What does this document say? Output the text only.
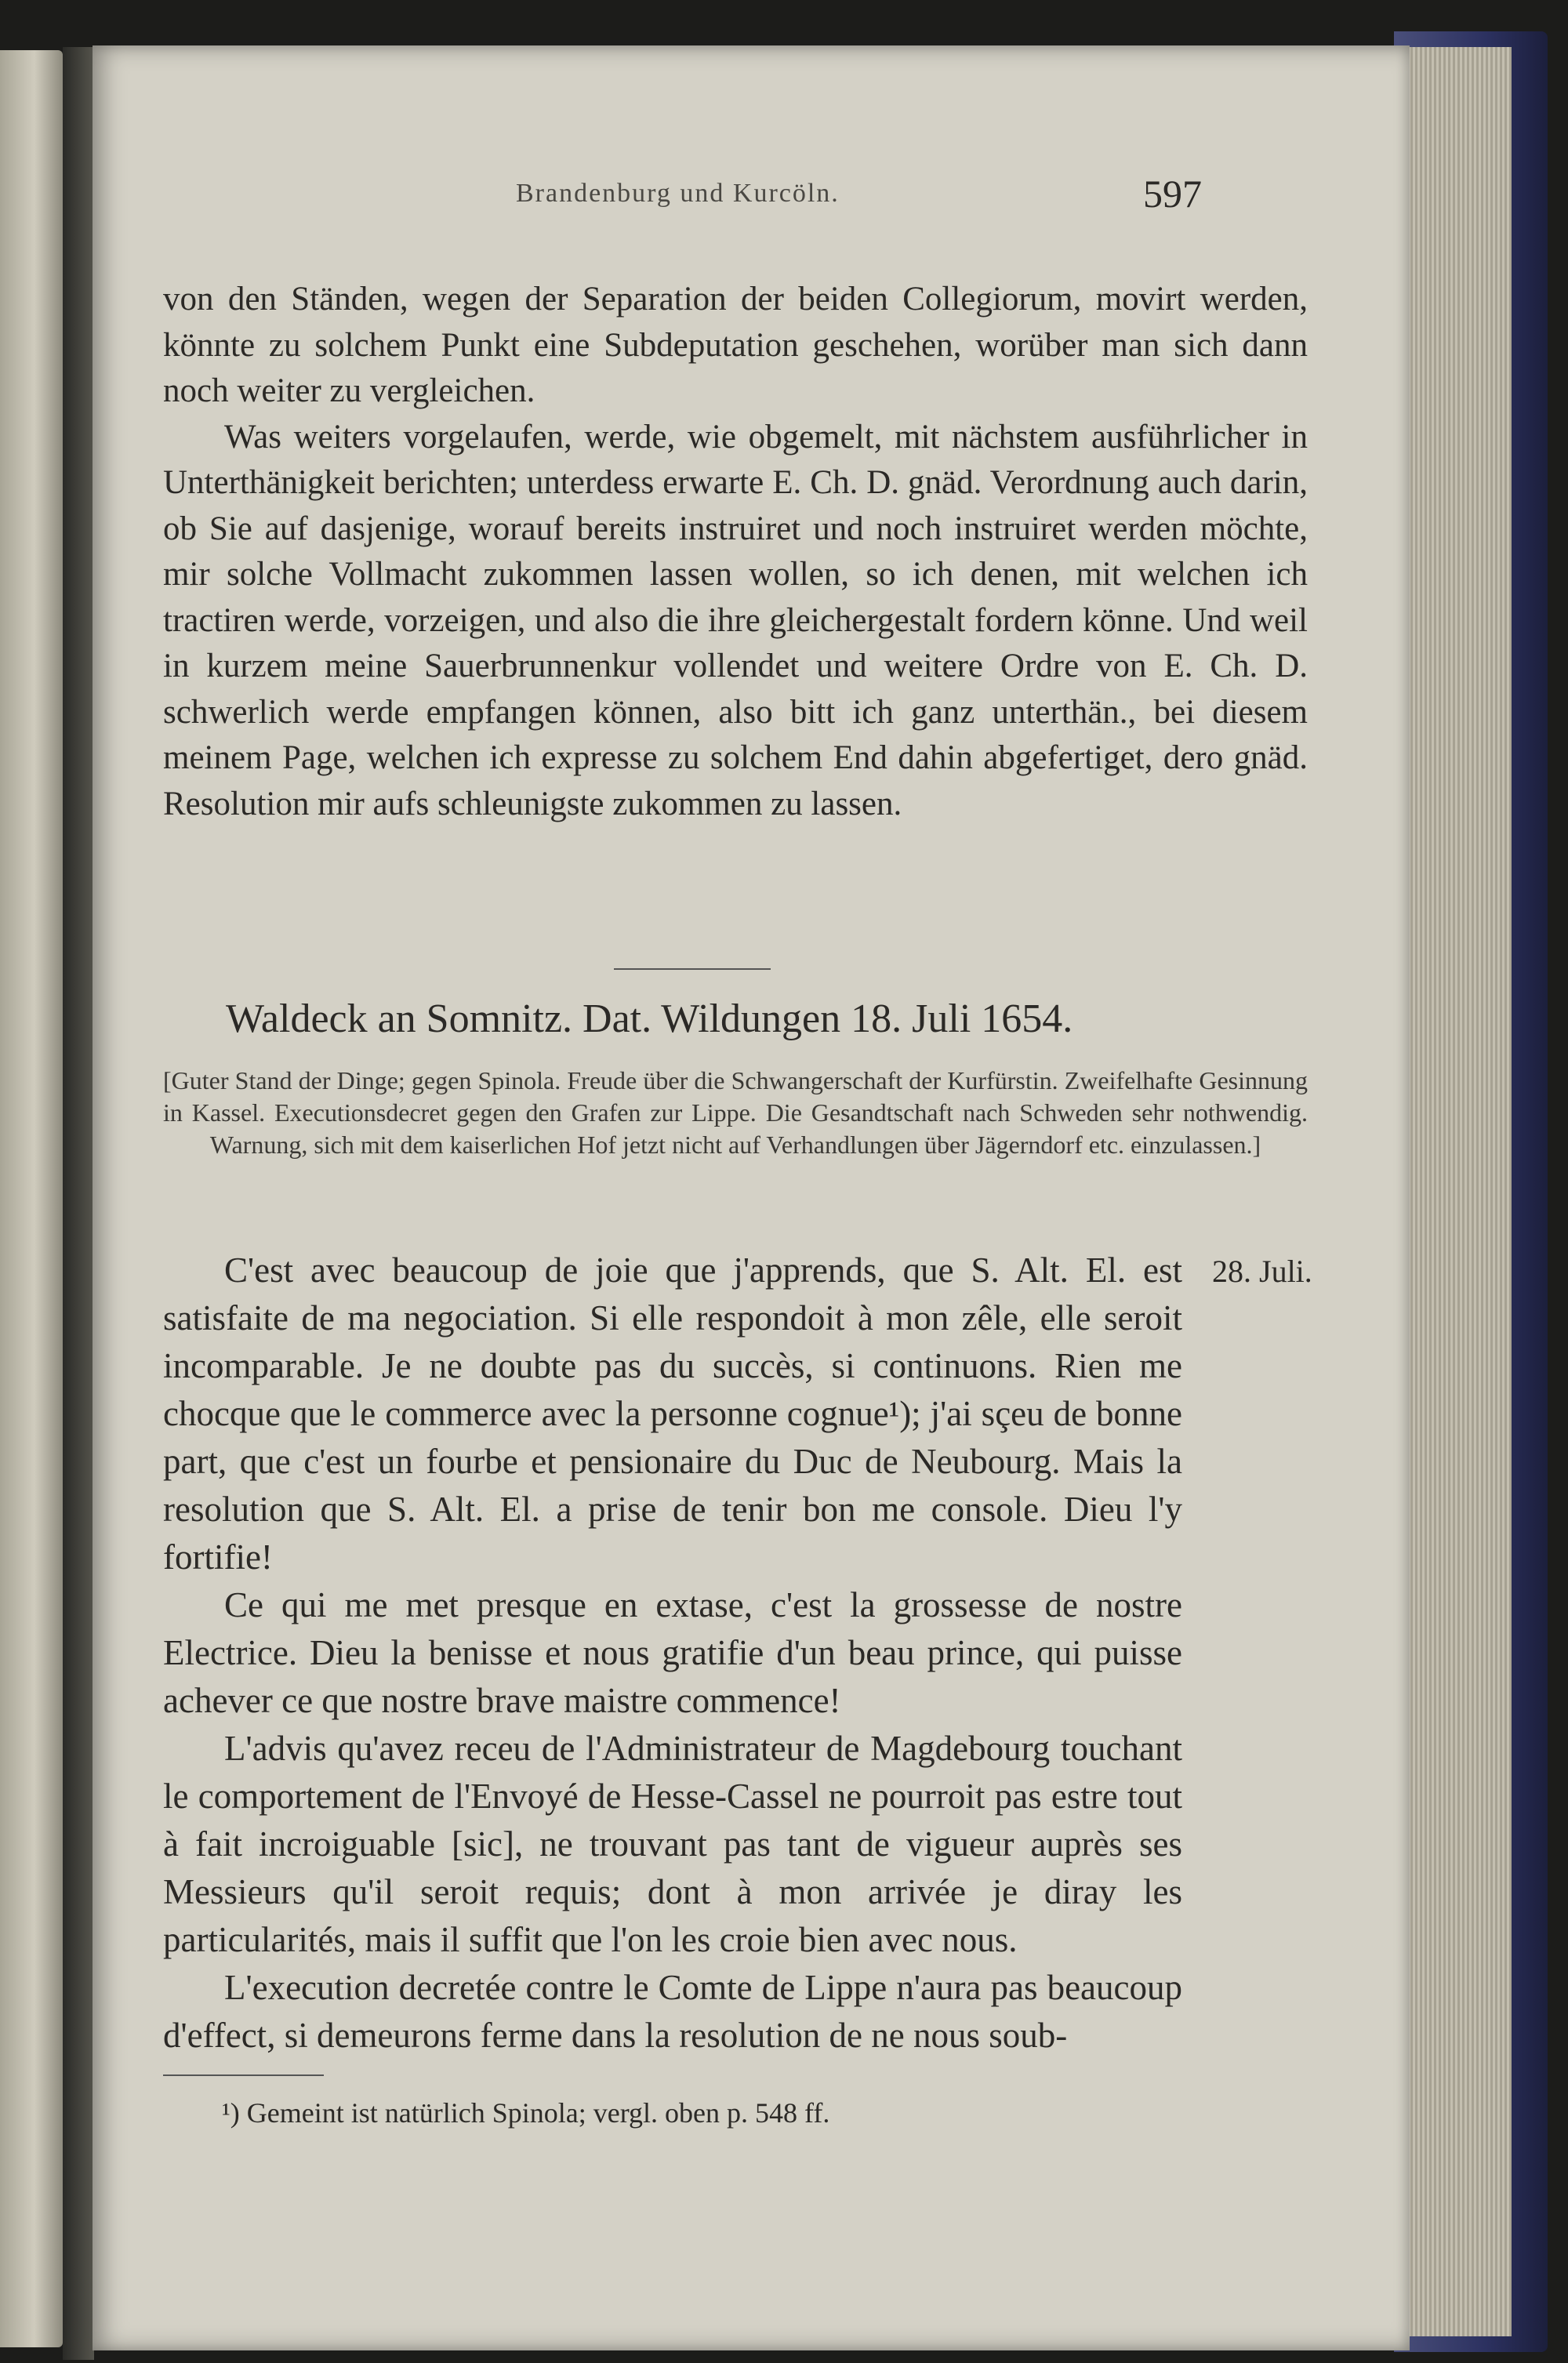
Brandenburg und Kurcöln.	597

von den Ständen, wegen der Separation der beiden Collegiorum, movirt werden, könnte zu solchem Punkt eine Subdeputation geschehen, worüber man sich dann noch weiter zu vergleichen.

Was weiters vorgelaufen, werde, wie obgemelt, mit nächstem ausführlicher in Unterthänigkeit berichten; unterdess erwarte E. Ch. D. gnäd. Verordnung auch darin, ob Sie auf dasjenige, worauf bereits instruiret und noch instruiret werden möchte, mir solche Vollmacht zukommen lassen wollen, so ich denen, mit welchen ich tractiren werde, vorzeigen, und also die ihre gleichergestalt fordern könne. Und weil in kurzem meine Sauerbrunnenkur vollendet und weitere Ordre von E. Ch. D. schwerlich werde empfangen können, also bitt ich ganz unterthän., bei diesem meinem Page, welchen ich expresse zu solchem End dahin abgefertiget, dero gnäd. Resolution mir aufs schleunigste zukommen zu lassen.

Waldeck an Somnitz. Dat. Wildungen 18. Juli 1654.
[Guter Stand der Dinge; gegen Spinola. Freude über die Schwangerschaft der Kurfürstin. Zweifelhafte Gesinnung in Kassel. Executionsdecret gegen den Grafen zur Lippe. Die Gesandtschaft nach Schweden sehr nothwendig. Warnung, sich mit dem kaiserlichen Hof jetzt nicht auf Verhandlungen über Jägerndorf etc. einzulassen.]
28. Juli.

C'est avec beaucoup de joie que j'apprends, que S. Alt. El. est satisfaite de ma negociation. Si elle respondoit à mon zêle, elle seroit incomparable. Je ne doubte pas du succès, si continuons. Rien me chocque que le commerce avec la personne cognue¹); j'ai sçeu de bonne part, que c'est un fourbe et pensionaire du Duc de Neubourg. Mais la resolution que S. Alt. El. a prise de tenir bon me console. Dieu l'y fortifie!

Ce qui me met presque en extase, c'est la grossesse de nostre Electrice. Dieu la benisse et nous gratifie d'un beau prince, qui puisse achever ce que nostre brave maistre commence!

L'advis qu'avez receu de l'Administrateur de Magdebourg touchant le comportement de l'Envoyé de Hesse-Cassel ne pourroit pas estre tout à fait incroiguable [sic], ne trouvant pas tant de vigueur auprès ses Messieurs qu'il seroit requis; dont à mon arrivée je diray les particularités, mais il suffit que l'on les croie bien avec nous.

L'execution decretée contre le Comte de Lippe n'aura pas beaucoup d'effect, si demeurons ferme dans la resolution de ne nous soub-

¹) Gemeint ist natürlich Spinola; vergl. oben p. 548 ff.
